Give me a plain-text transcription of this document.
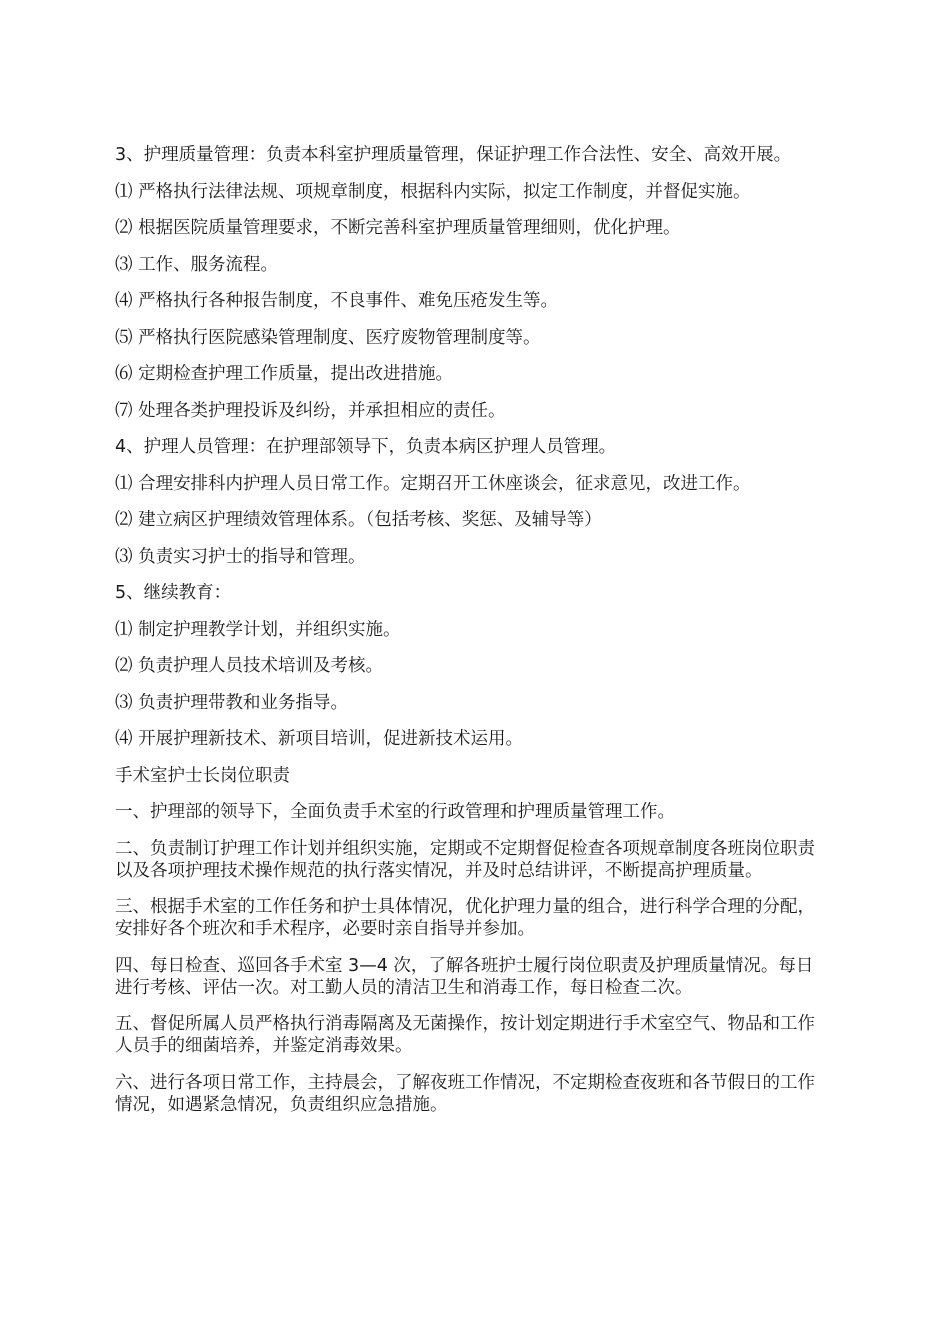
3、护理质量管理：负责本科室护理质量管理，保证护理工作合法性、安全、高效开展。

⑴ 严格执行法律法规、项规章制度，根据科内实际，拟定工作制度，并督促实施。

⑵ 根据医院质量管理要求，不断完善科室护理质量管理细则，优化护理。

⑶ 工作、服务流程。

⑷ 严格执行各种报告制度，不良事件、难免压疮发生等。

⑸ 严格执行医院感染管理制度、医疗废物管理制度等。

⑹ 定期检查护理工作质量，提出改进措施。

⑺ 处理各类护理投诉及纠纷，并承担相应的责任。

4、护理人员管理：在护理部领导下，负责本病区护理人员管理。

⑴ 合理安排科内护理人员日常工作。定期召开工休座谈会，征求意见，改进工作。

⑵ 建立病区护理绩效管理体系。（包括考核、奖惩、及辅导等）

⑶ 负责实习护士的指导和管理。

5、继续教育：

⑴ 制定护理教学计划，并组织实施。

⑵ 负责护理人员技术培训及考核。

⑶ 负责护理带教和业务指导。

⑷ 开展护理新技术、新项目培训，促进新技术运用。

手术室护士长岗位职责

一、护理部的领导下，全面负责手术室的行政管理和护理质量管理工作。

二、负责制订护理工作计划并组织实施，定期或不定期督促检查各项规章制度各班岗位职责以及各项护理技术操作规范的执行落实情况，并及时总结讲评，不断提高护理质量。

三、根据手术室的工作任务和护士具体情况，优化护理力量的组合，进行科学合理的分配，安排好各个班次和手术程序，必要时亲自指导并参加。

四、每日检查、巡回各手术室 3—4 次，了解各班护士履行岗位职责及护理质量情况。每日进行考核、评估一次。对工勤人员的清洁卫生和消毒工作，每日检查二次。

五、督促所属人员严格执行消毒隔离及无菌操作，按计划定期进行手术室空气、物品和工作人员手的细菌培养，并鉴定消毒效果。

六、进行各项日常工作，主持晨会，了解夜班工作情况，不定期检查夜班和各节假日的工作情况，如遇紧急情况，负责组织应急措施。
